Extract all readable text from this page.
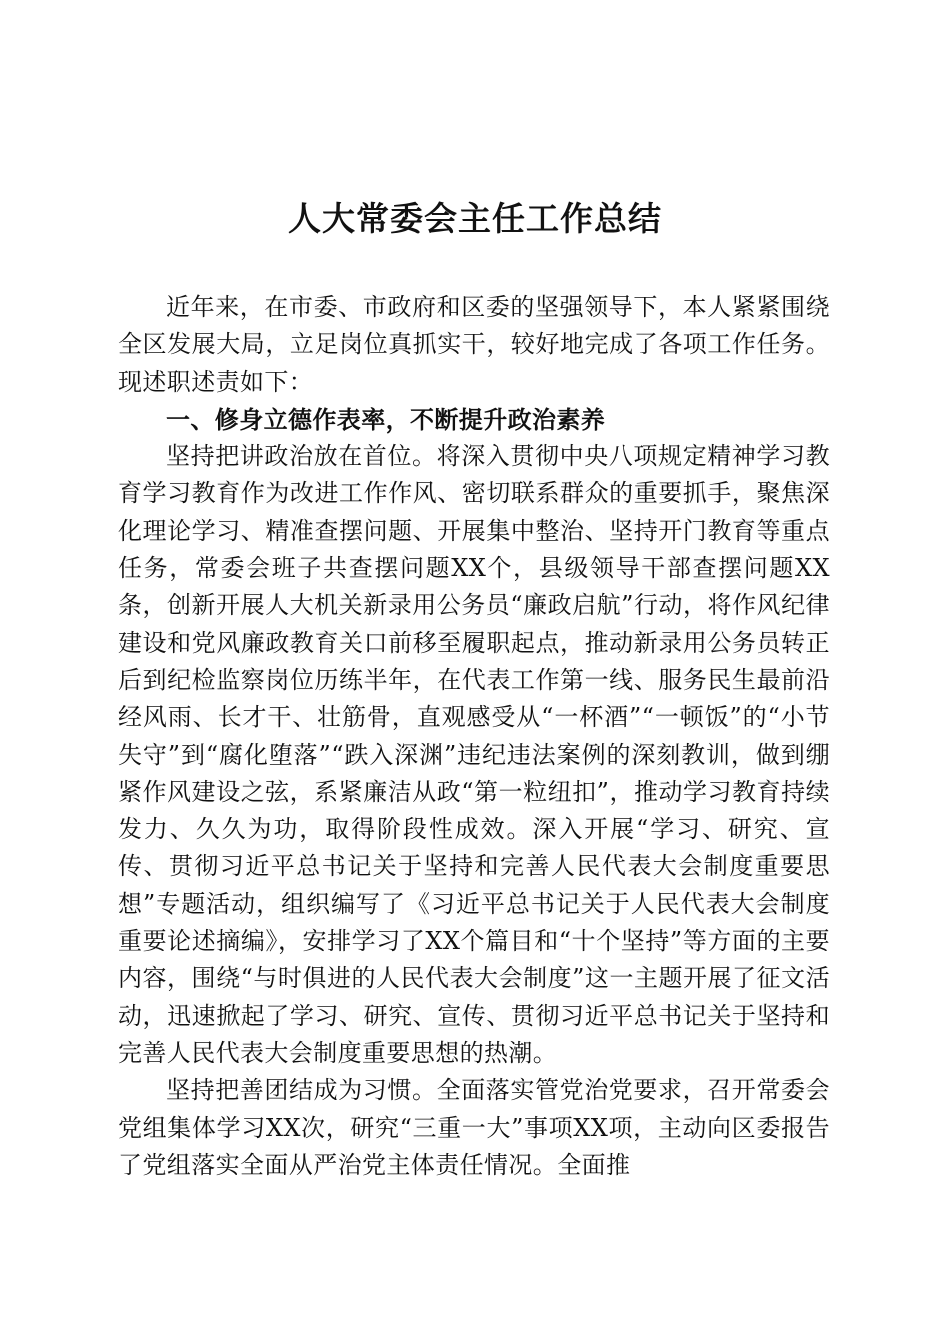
人大常委会主任工作总结

近年来，在市委、市政府和区委的坚强领导下，本人紧紧围绕全区发展大局，立足岗位真抓实干，较好地完成了各项工作任务。现述职述责如下：

一、修身立德作表率，不断提升政治素养

坚持把讲政治放在首位。将深入贯彻中央八项规定精神学习教育学习教育作为改进工作作风、密切联系群众的重要抓手，聚焦深化理论学习、精准查摆问题、开展集中整治、坚持开门教育等重点任务，常委会班子共查摆问题XX个，县级领导干部查摆问题XX条，创新开展人大机关新录用公务员“廉政启航”行动，将作风纪律建设和党风廉政教育关口前移至履职起点，推动新录用公务员转正后到纪检监察岗位历练半年，在代表工作第一线、服务民生最前沿经风雨、长才干、壮筋骨，直观感受从“一杯酒”“一顿饭”的“小节失守”到“腐化堕落”“跌入深渊”违纪违法案例的深刻教训，做到绷紧作风建设之弦，系紧廉洁从政“第一粒纽扣”，推动学习教育持续发力、久久为功，取得阶段性成效。深入开展“学习、研究、宣传、贯彻习近平总书记关于坚持和完善人民代表大会制度重要思想”专题活动，组织编写了《习近平总书记关于人民代表大会制度重要论述摘编》，安排学习了XX个篇目和“十个坚持”等方面的主要内容，围绕“与时俱进的人民代表大会制度”这一主题开展了征文活动，迅速掀起了学习、研究、宣传、贯彻习近平总书记关于坚持和完善人民代表大会制度重要思想的热潮。

坚持把善团结成为习惯。全面落实管党治党要求，召开常委会党组集体学习XX次，研究“三重一大”事项XX项，主动向区委报告了党组落实全面从严治党主体责任情况。全面推
